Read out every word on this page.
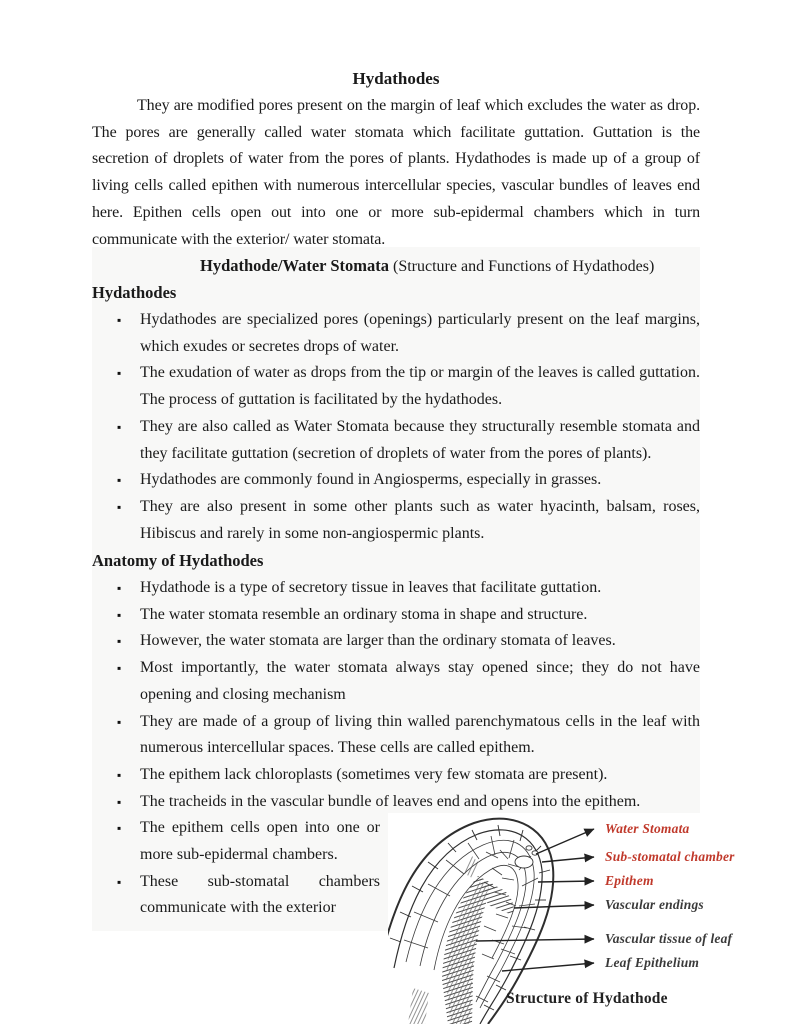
Hydathodes

They are modified pores present on the margin of leaf which excludes the water as drop. The pores are generally called water stomata which facilitate guttation. Guttation is the secretion of droplets of water from the pores of plants. Hydathodes is made up of a group of living cells called epithen with numerous intercellular species, vascular bundles of leaves end here. Epithen cells open out into one or more sub-epidermal chambers which in turn communicate with the exterior/ water stomata.

Hydathode/Water Stomata (Structure and Functions of Hydathodes)
Hydathodes
▪ Hydathodes are specialized pores (openings) particularly present on the leaf margins, which exudes or secretes drops of water.
▪ The exudation of water as drops from the tip or margin of the leaves is called guttation. The process of guttation is facilitated by the hydathodes.
▪ They are also called as Water Stomata because they structurally resemble stomata and they facilitate guttation (secretion of droplets of water from the pores of plants).
▪ Hydathodes are commonly found in Angiosperms, especially in grasses.
▪ They are also present in some other plants such as water hyacinth, balsam, roses, Hibiscus and rarely in some non-angiospermic plants.
Anatomy of Hydathodes
▪ Hydathode is a type of secretory tissue in leaves that facilitate guttation.
▪ The water stomata resemble an ordinary stoma in shape and structure.
▪ However, the water stomata are larger than the ordinary stomata of leaves.
▪ Most importantly, the water stomata always stay opened since; they do not have opening and closing mechanism
▪ They are made of a group of living thin walled parenchymatous cells in the leaf with numerous intercellular spaces. These cells are called epithem.
▪ The epithem lack chloroplasts (sometimes very few stomata are present).
▪ The tracheids in the vascular bundle of leaves end and opens into the epithem.
▪ The epithem cells open into one or more sub-epidermal chambers.
▪ These sub-stomatal chambers communicate with the exterior
Water Stomata
Sub-stomatal chamber
Epithem
Vascular endings
Vascular tissue of leaf
Leaf Epithelium
Structure of Hydathode
